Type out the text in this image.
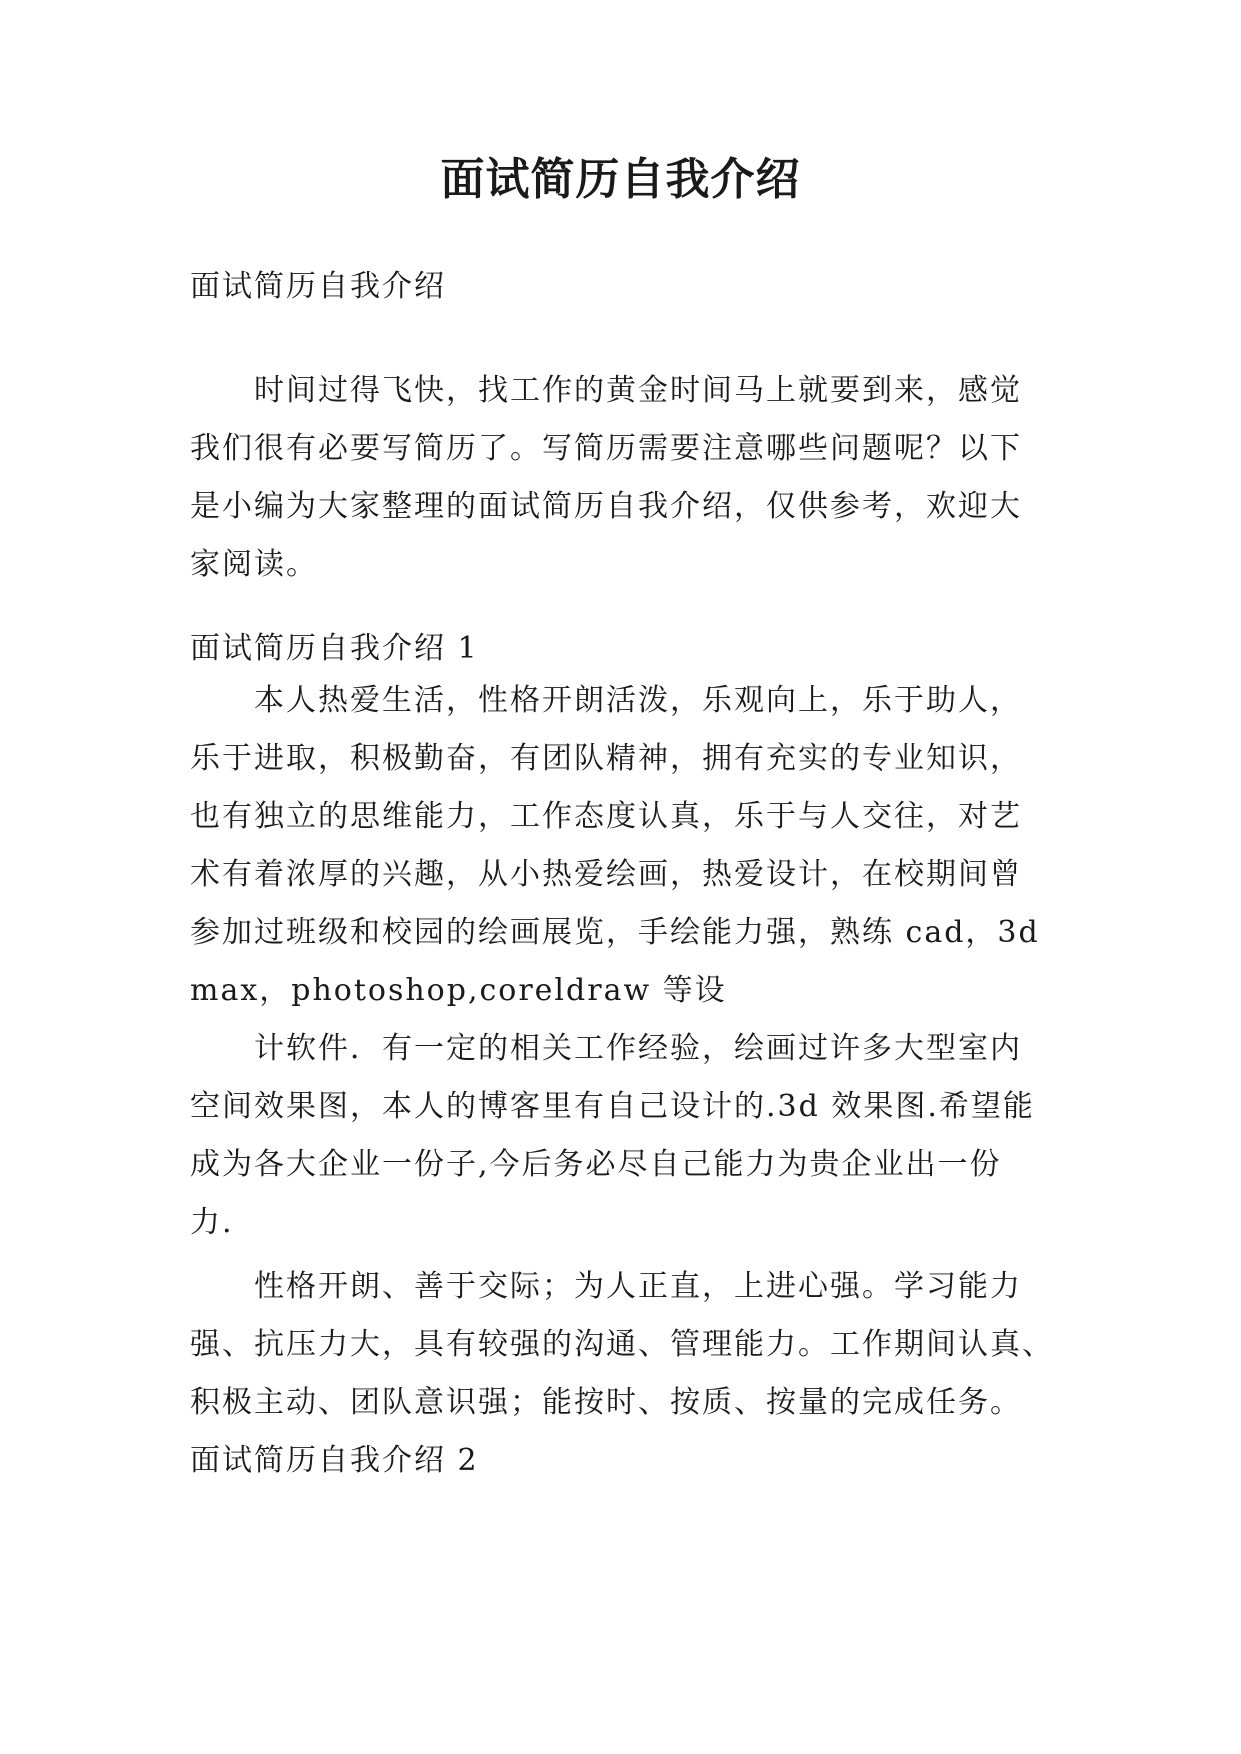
面试简历自我介绍

面试简历自我介绍

时间过得飞快，找工作的黄金时间马上就要到来，感觉
我们很有必要写简历了。写简历需要注意哪些问题呢？以下
是小编为大家整理的面试简历自我介绍，仅供参考，欢迎大
家阅读。

面试简历自我介绍 1

本人热爱生活，性格开朗活泼，乐观向上，乐于助人，
乐于进取，积极勤奋，有团队精神，拥有充实的专业知识，
也有独立的思维能力，工作态度认真，乐于与人交往，对艺
术有着浓厚的兴趣，从小热爱绘画，热爱设计，在校期间曾
参加过班级和校园的绘画展览，手绘能力强，熟练 cad，3d
max，photoshop,coreldraw 等设
计软件．有一定的相关工作经验，绘画过许多大型室内
空间效果图，本人的博客里有自己设计的.3d 效果图.希望能
成为各大企业一份子,今后务必尽自己能力为贵企业出一份
力.
性格开朗、善于交际；为人正直，上进心强。学习能力
强、抗压力大，具有较强的沟通、管理能力。工作期间认真、
积极主动、团队意识强；能按时、按质、按量的完成任务。

面试简历自我介绍 2
